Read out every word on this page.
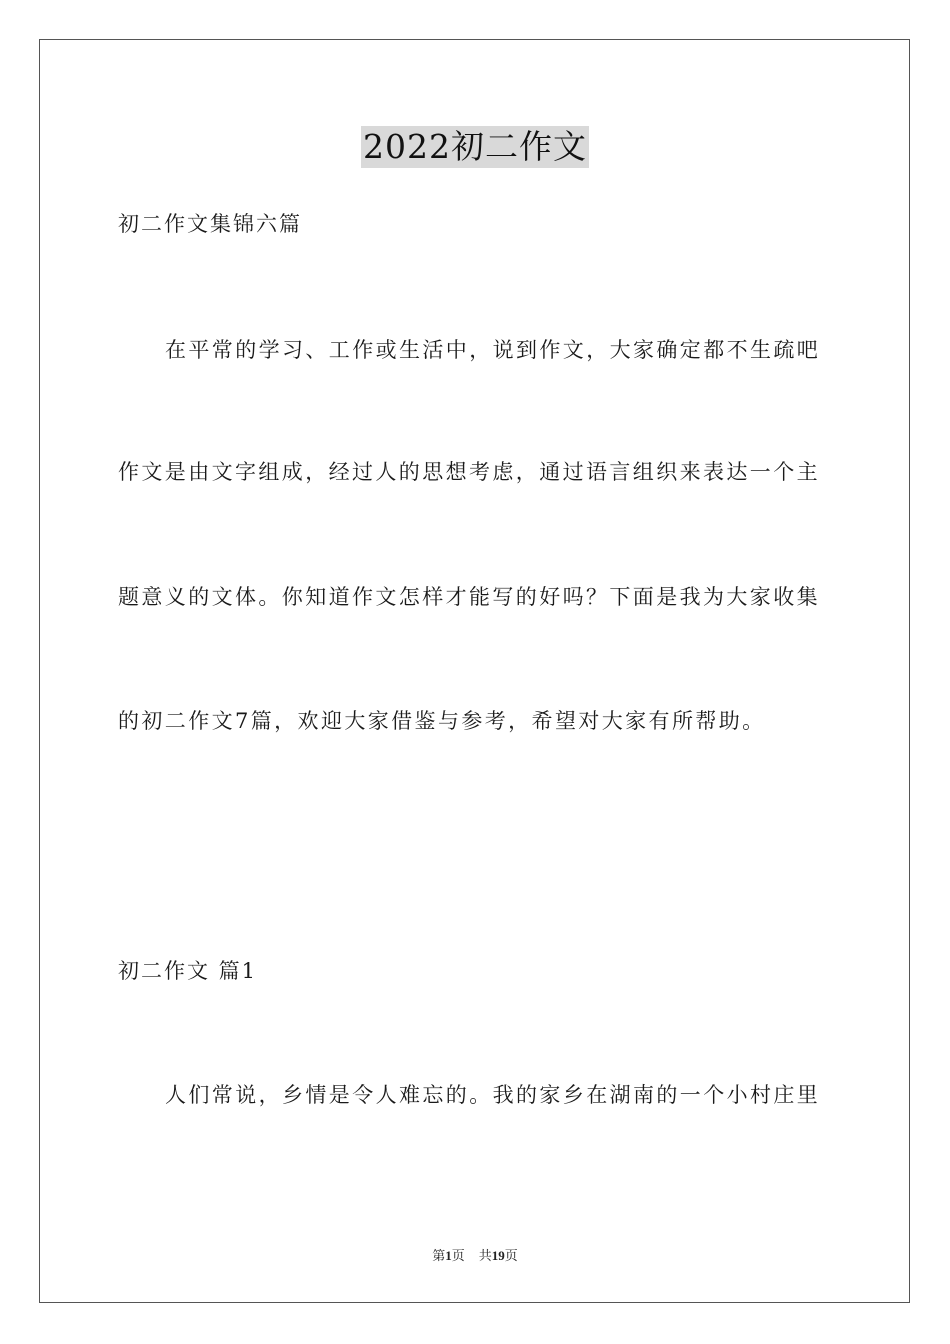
2022初二作文
初二作文集锦六篇
在平常的学习、工作或生活中，说到作文，大家确定都不生疏吧
作文是由文字组成，经过人的思想考虑，通过语言组织来表达一个主
题意义的文体。你知道作文怎样才能写的好吗？下面是我为大家收集
的初二作文7篇，欢迎大家借鉴与参考，希望对大家有所帮助。
初二作文 篇1
人们常说，乡情是令人难忘的。我的家乡在湖南的一个小村庄里
第1页 共19页
